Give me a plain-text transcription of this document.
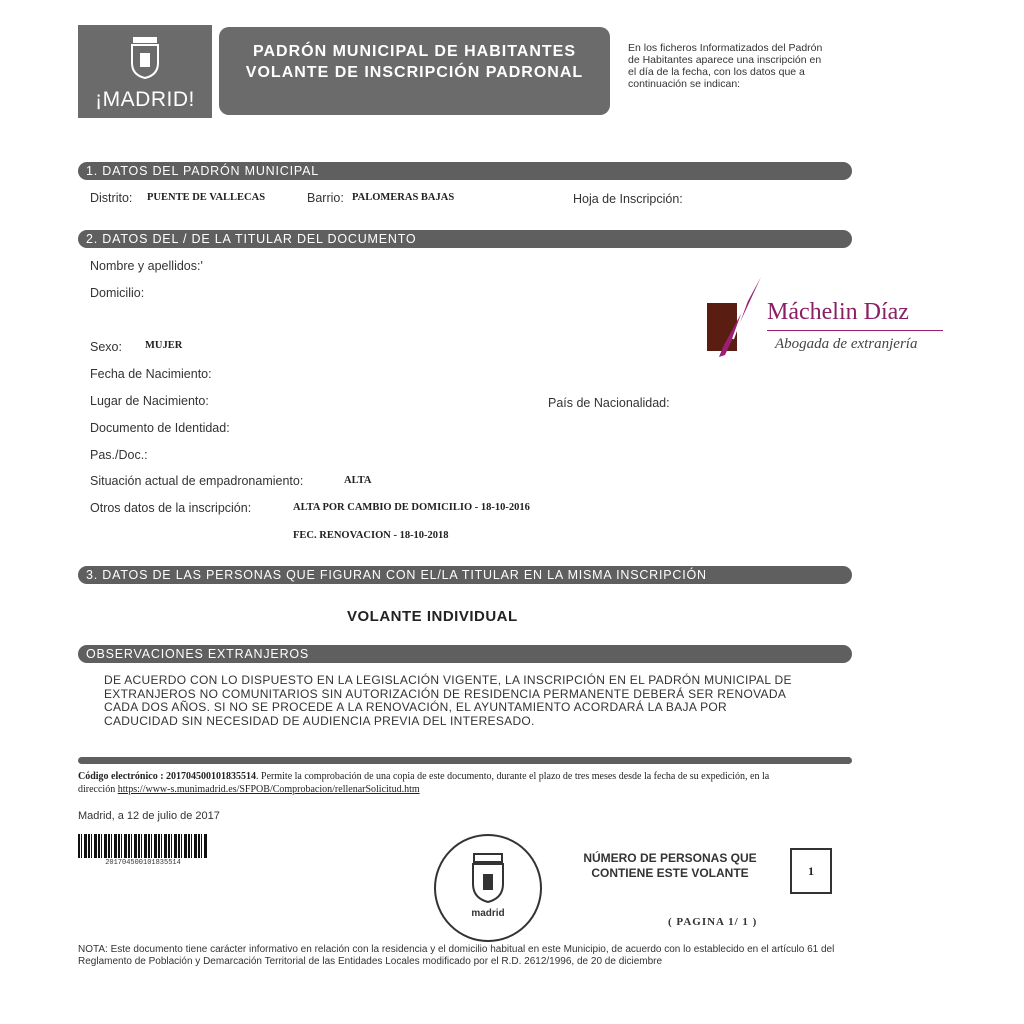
¡MADRID!
PADRÓN MUNICIPAL DE HABITANTES
VOLANTE DE INSCRIPCIÓN PADRONAL
En los ficheros Informatizados del Padrón de Habitantes aparece una inscripción en el día de la fecha, con los datos que a continuación se indican:
1. DATOS DEL PADRÓN MUNICIPAL
Distrito: PUENTE DE VALLECAS	Barrio: PALOMERAS BAJAS	Hoja de Inscripción:
2. DATOS DEL / DE LA TITULAR DEL DOCUMENTO
Nombre y apellidos:'
Domicilio:
Sexo: MUJER
Fecha de Nacimiento:
Lugar de Nacimiento:	País de Nacionalidad:
Documento de Identidad:
Pas./Doc.:
Situación actual de empadronamiento:	ALTA
Otros datos de la inscripción:	ALTA POR CAMBIO DE DOMICILIO - 18-10-2016
FEC. RENOVACION - 18-10-2018
Máchelin Díaz
Abogada de extranjería
3. DATOS DE LAS PERSONAS QUE FIGURAN CON EL/LA TITULAR EN LA MISMA INSCRIPCIÓN
VOLANTE INDIVIDUAL
OBSERVACIONES EXTRANJEROS
DE ACUERDO CON LO DISPUESTO EN LA LEGISLACIÓN VIGENTE, LA INSCRIPCIÓN EN EL PADRÓN MUNICIPAL DE EXTRANJEROS NO COMUNITARIOS SIN AUTORIZACIÓN DE RESIDENCIA PERMANENTE DEBERÁ SER RENOVADA CADA DOS AÑOS. SI NO SE PROCEDE A LA RENOVACIÓN, EL AYUNTAMIENTO ACORDARÁ LA BAJA POR CADUCIDAD SIN NECESIDAD DE AUDIENCIA PREVIA DEL INTERESADO.
Código electrónico : 201704500101835514. Permite la comprobación de una copia de este documento, durante el plazo de tres meses desde la fecha de su expedición, en la dirección https://www-s.munimadrid.es/SFPOB/Comprobacion/rellenarSolicitud.htm
Madrid, a 12 de julio de 2017
201704500101835514
madrid
NÚMERO DE PERSONAS QUE CONTIENE ESTE VOLANTE	1
( PAGINA 1/ 1 )
NOTA: Este documento tiene carácter informativo en relación con la residencia y el domicilio habitual en este Municipio, de acuerdo con lo establecido en el artículo 61 del Reglamento de Población y Demarcación Territorial de las Entidades Locales modificado por el R.D. 2612/1996, de 20 de diciembre
